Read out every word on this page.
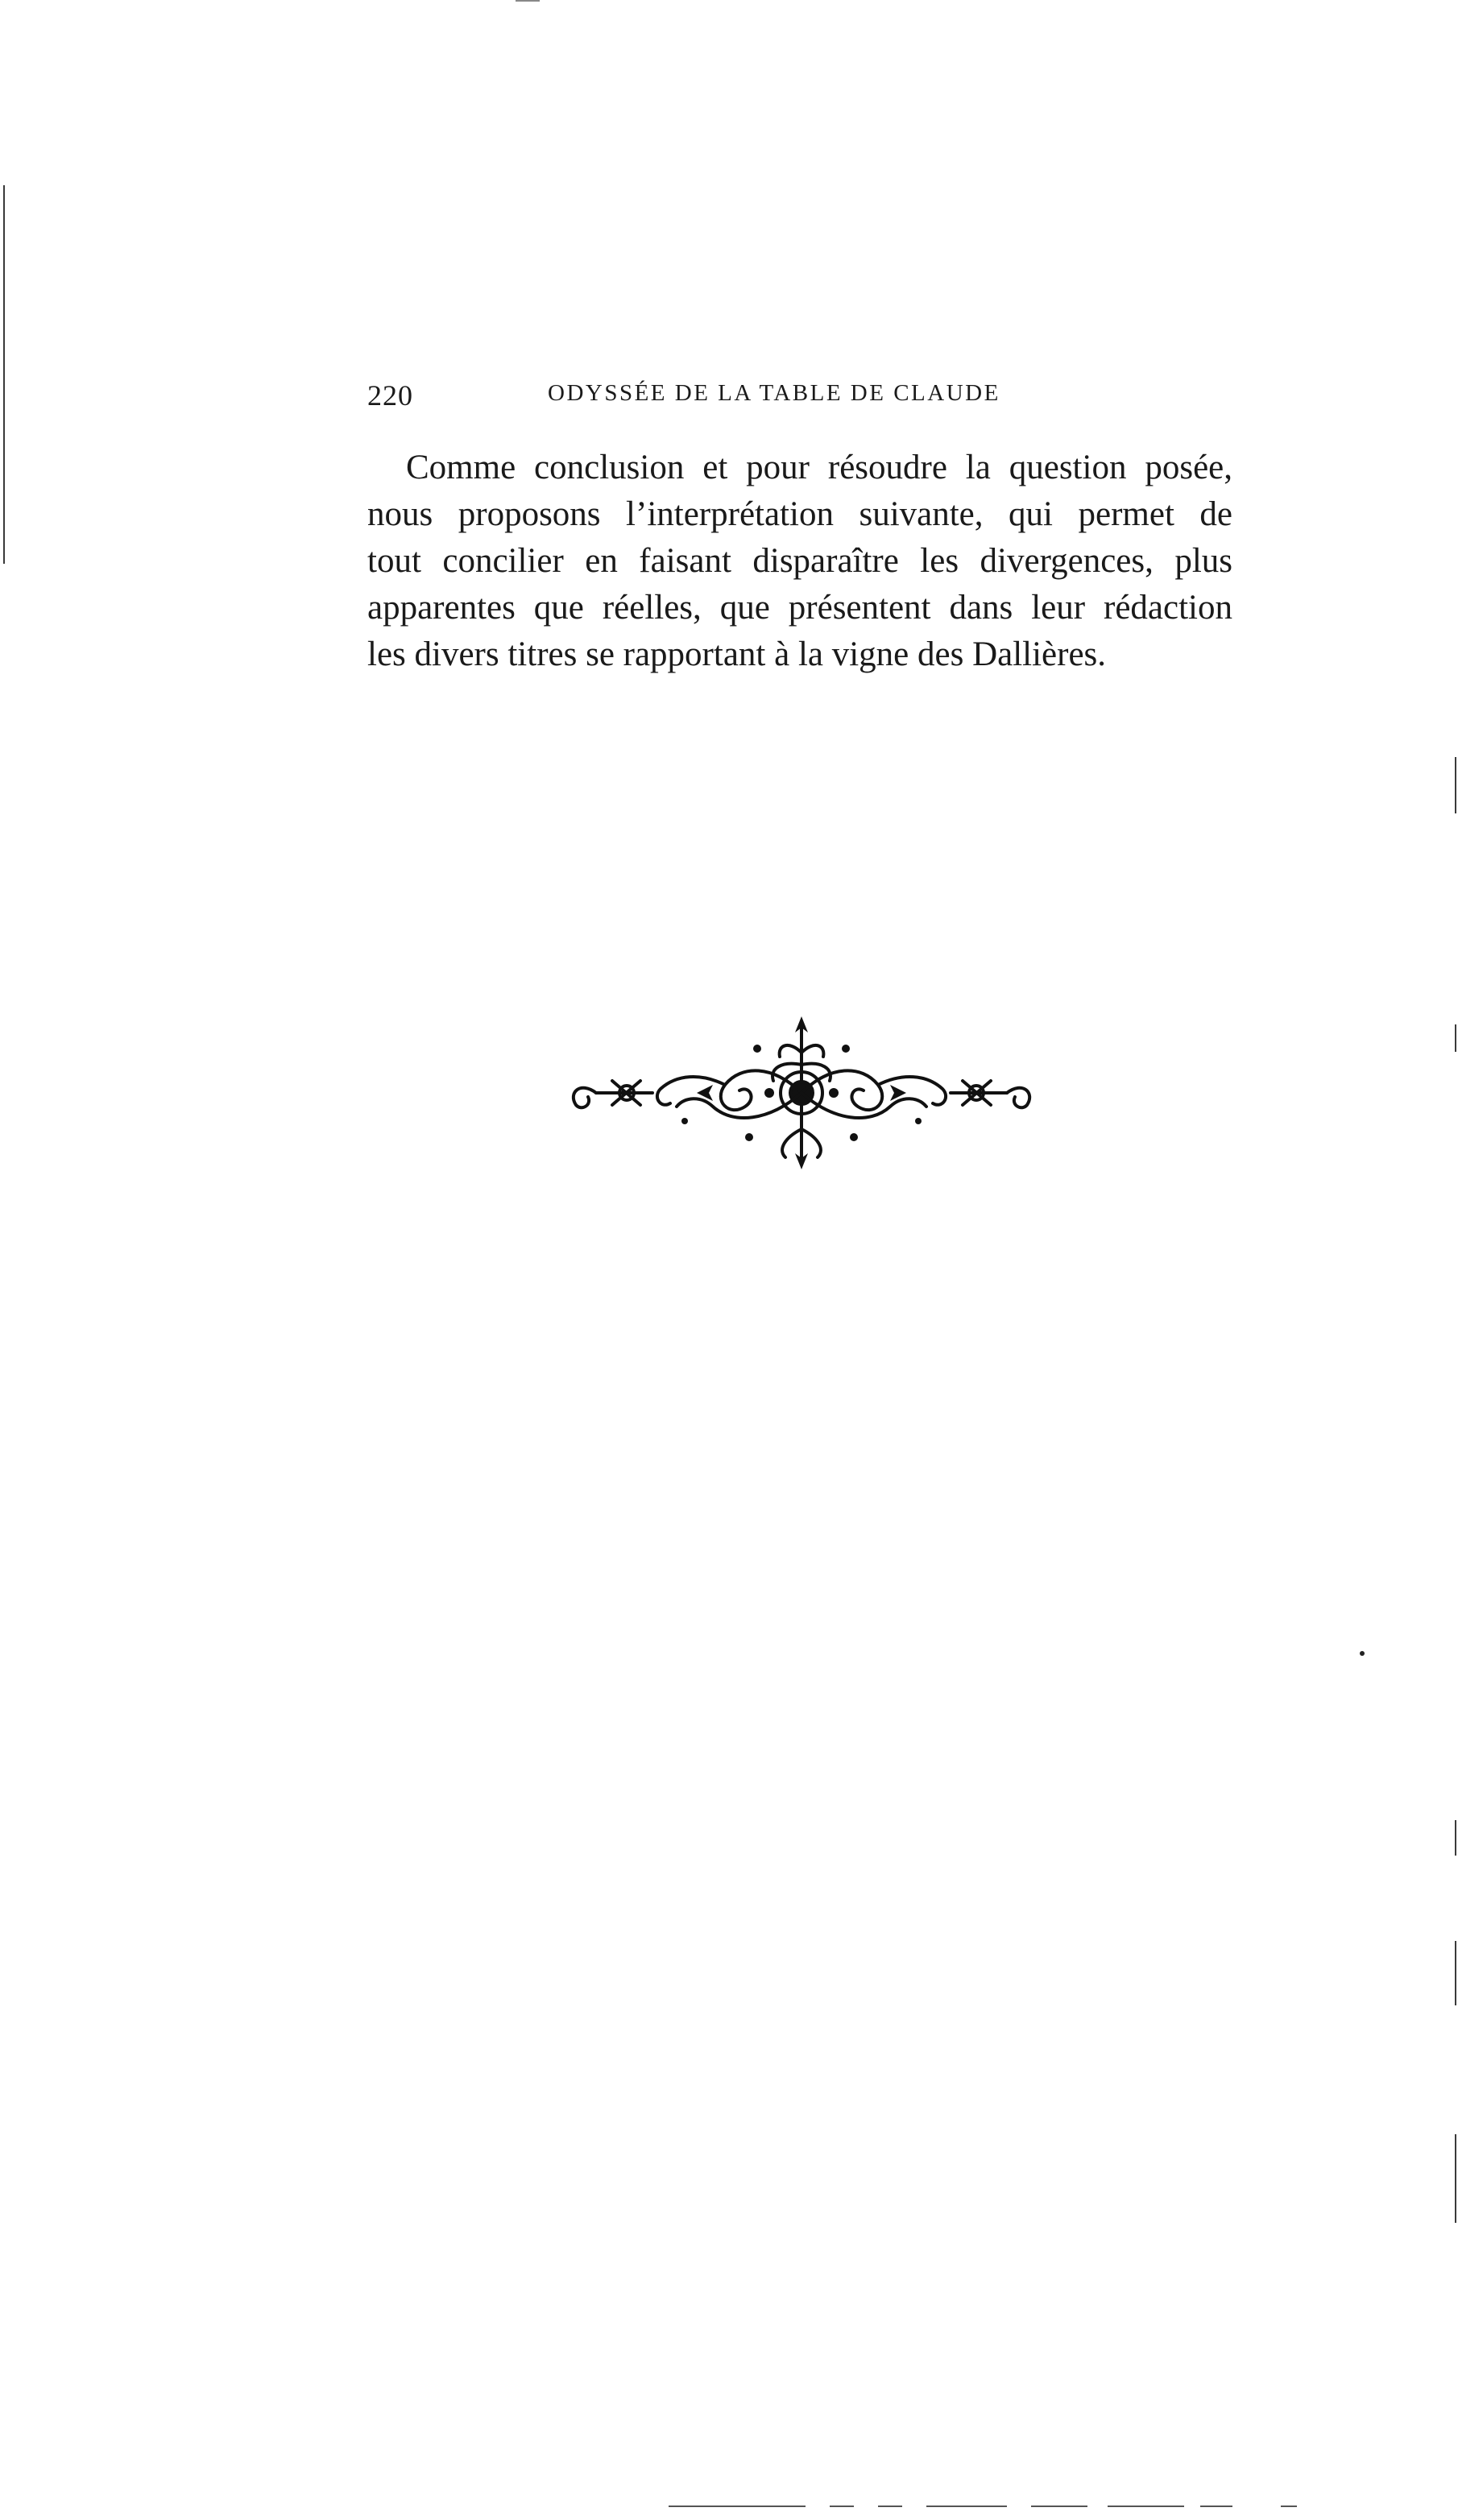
220	ODYSSÉE DE LA TABLE DE CLAUDE
Comme conclusion et pour résoudre la question posée,
nous proposons l’interprétation suivante, qui permet de
tout concilier en faisant disparaître les divergences, plus
apparentes que réelles, que présentent dans leur rédaction
les divers titres se rapportant à la vigne des Dallières.
